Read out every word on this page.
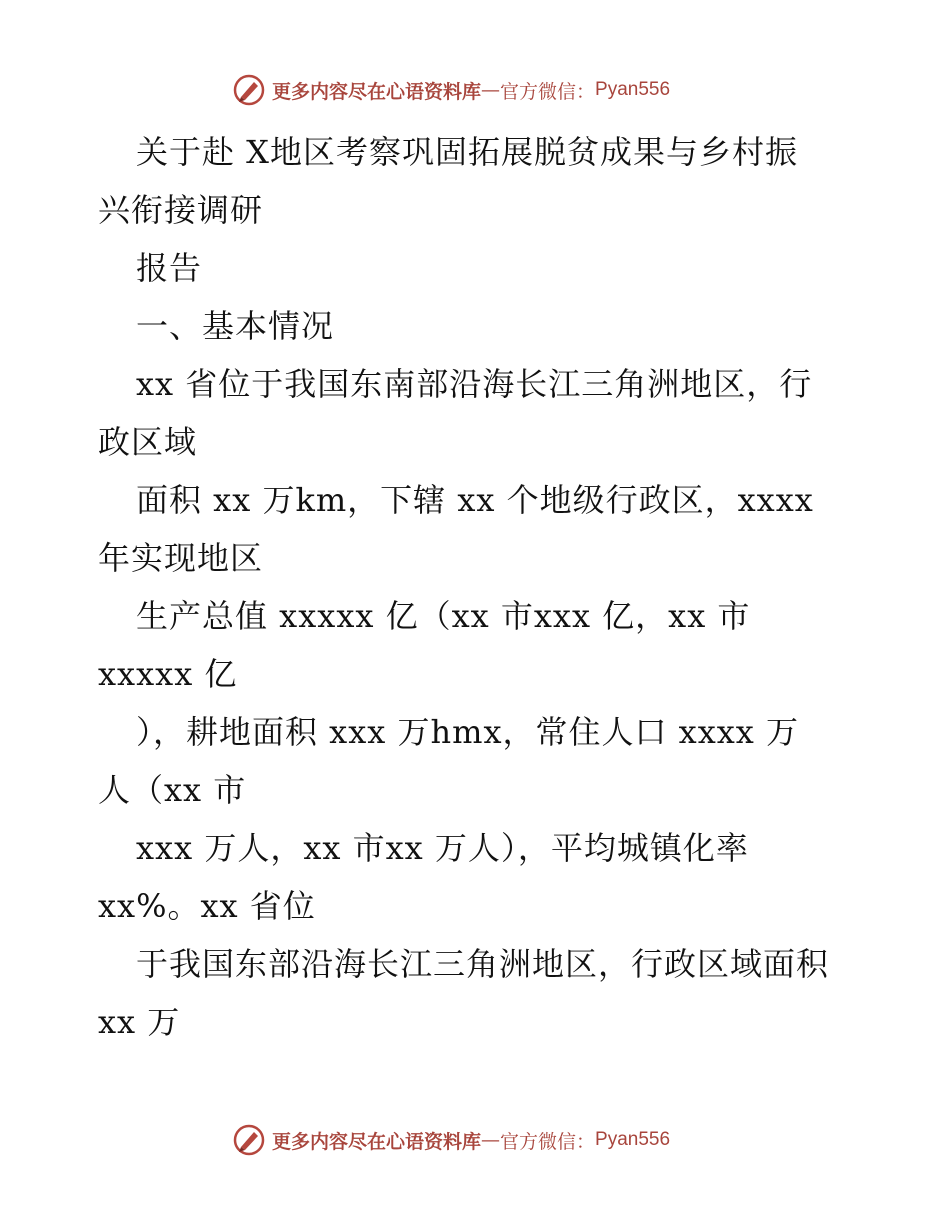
更多内容尽在心语资料库 — 官方微信： Pyan556
关于赴 X地区考察巩固拓展脱贫成果与乡村振
兴衔接调研
报告
一、基本情况
xx 省位于我国东南部沿海长江三角洲地区，行
政区域
面积 xx 万km，下辖 xx 个地级行政区，xxxx
年实现地区
生产总值 xxxxx 亿（xx 市xxx 亿，xx 市
xxxxx 亿
），耕地面积 xxx 万hmx，常住人口 xxxx 万
人（xx 市
xxx 万人，xx 市xx 万人），平均城镇化率
xx%。xx 省位
于我国东部沿海长江三角洲地区，行政区域面积
xx 万
更多内容尽在心语资料库 — 官方微信： Pyan556
